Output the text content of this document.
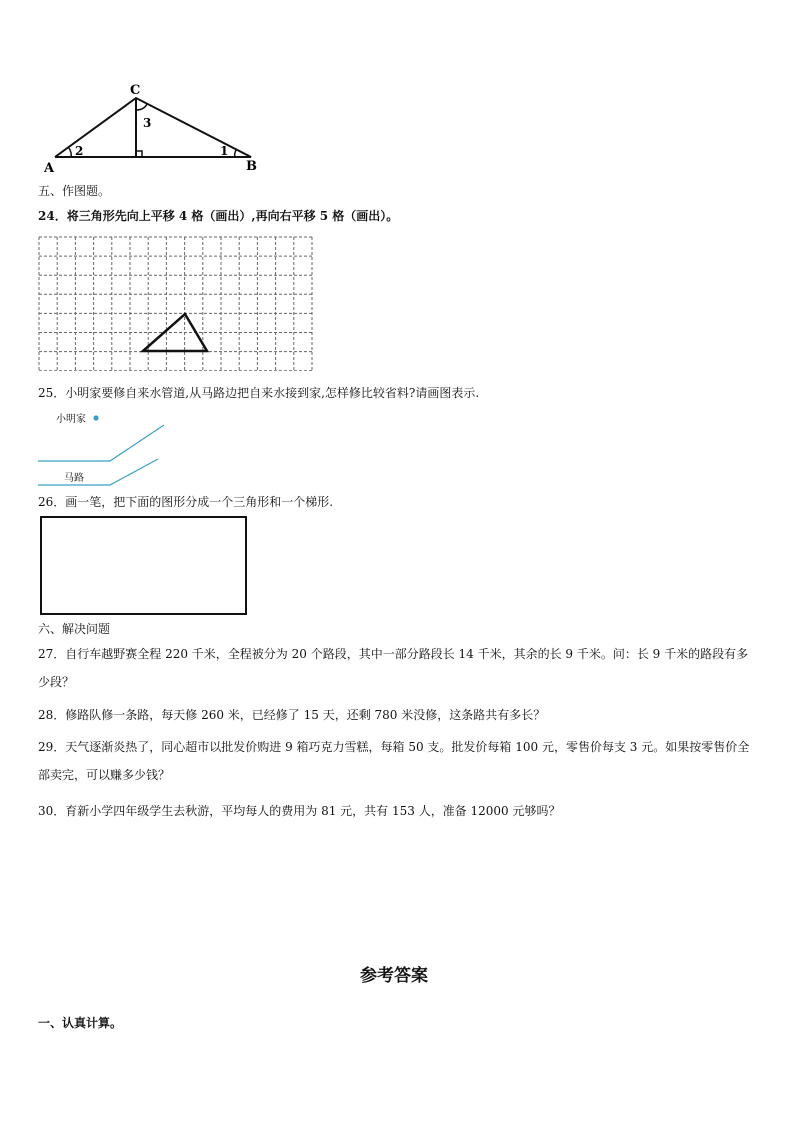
C
A	B
2	1
3
五、作图题。
24．将三角形先向上平移 4 格（画出）,再向右平移 5 格（画出）。
25．小明家要修自来水管道,从马路边把自来水接到家,怎样修比较省料?请画图表示.
小明家
马路
26．画一笔，把下面的图形分成一个三角形和一个梯形.
六、解决问题
27．自行车越野赛全程 220 千米，全程被分为 20 个路段，其中一部分路段长 14 千米，其余的长 9 千米。问：长 9 千米的路段有多少段？
28．修路队修一条路，每天修 260 米，已经修了 15 天，还剩 780 米没修，这条路共有多长？
29．天气逐渐炎热了，同心超市以批发价购进 9 箱巧克力雪糕，每箱 50 支。批发价每箱 100 元，零售价每支 3 元。如果按零售价全部卖完，可以赚多少钱？
30．育新小学四年级学生去秋游，平均每人的费用为 81 元，共有 153 人，准备 12000 元够吗？
参考答案
一、认真计算。
